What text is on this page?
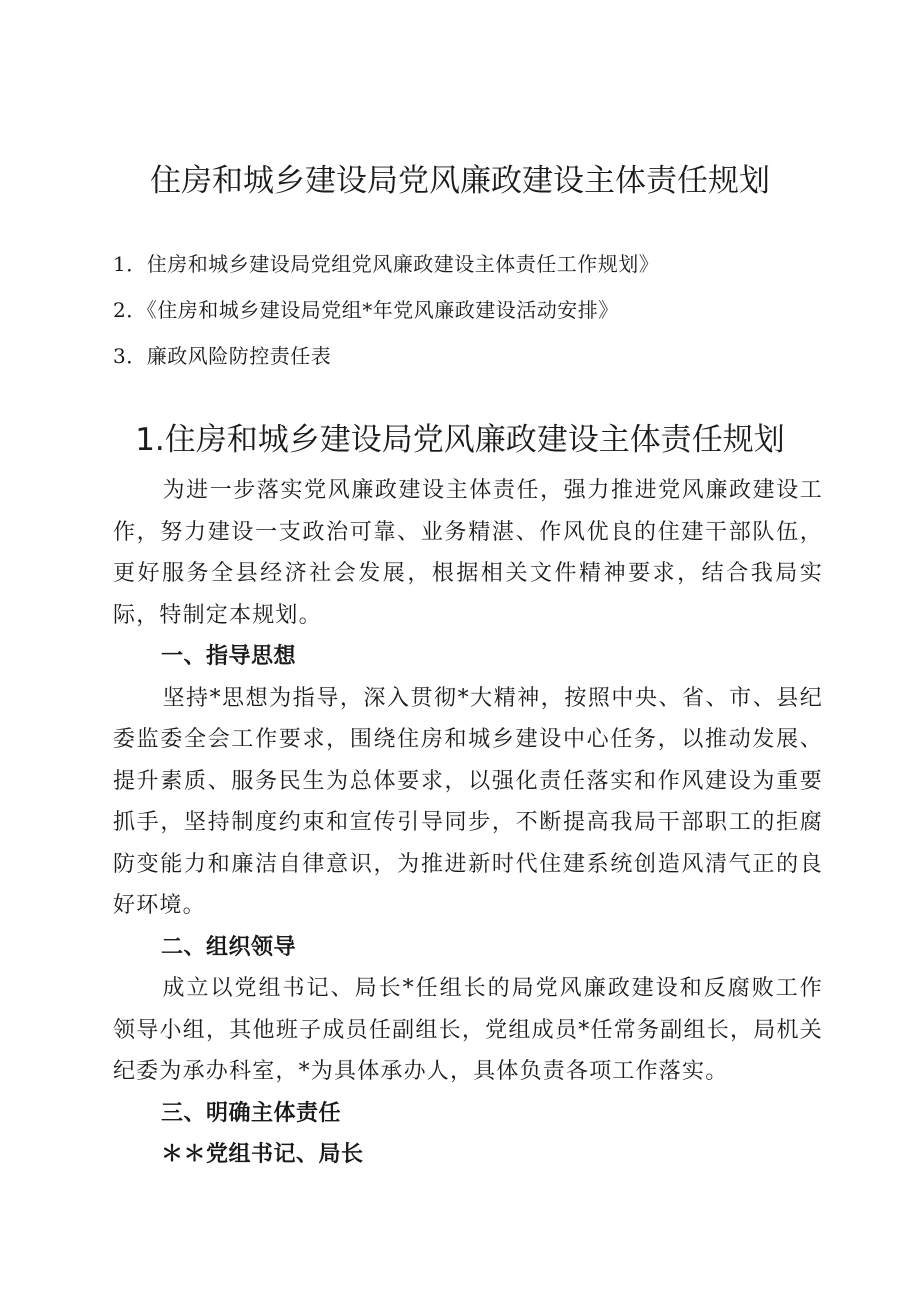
住房和城乡建设局党风廉政建设主体责任规划
1．住房和城乡建设局党组党风廉政建设主体责任工作规划》
2．《住房和城乡建设局党组*年党风廉政建设活动安排》
3．廉政风险防控责任表
1.住房和城乡建设局党风廉政建设主体责任规划

为进一步落实党风廉政建设主体责任，强力推进党风廉政建设工作，努力建设一支政治可靠、业务精湛、作风优良的住建干部队伍，更好服务全县经济社会发展，根据相关文件精神要求，结合我局实际，特制定本规划。

一、指导思想

坚持*思想为指导，深入贯彻*大精神，按照中央、省、市、县纪委监委全会工作要求，围绕住房和城乡建设中心任务，以推动发展、提升素质、服务民生为总体要求，以强化责任落实和作风建设为重要抓手，坚持制度约束和宣传引导同步，不断提高我局干部职工的拒腐防变能力和廉洁自律意识，为推进新时代住建系统创造风清气正的良好环境。

二、组织领导

成立以党组书记、局长*任组长的局党风廉政建设和反腐败工作领导小组，其他班子成员任副组长，党组成员*任常务副组长，局机关纪委为承办科室，*为具体承办人，具体负责各项工作落实。

三、明确主体责任

＊＊党组书记、局长
